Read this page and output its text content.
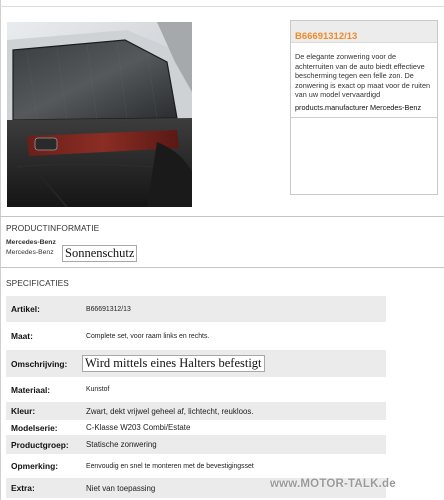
B66691312/13
De elegante zonwering voor de achterruiten van de auto biedt effectieve bescherming tegen een felle zon. De zonwering is exact op maat voor de ruiten van uw model vervaardigd
products.manufacturer Mercedes-Benz
PRODUCTINFORMATIE
Mercedes-Benz
Mercedes-Benz Sonnenschutz
SPECIFICATIES
Artikel:	B66691312/13
Maat:	Complete set, voor raam links en rechts.
Omschrijving:	Wird mittels eines Halters befestigt
Materiaal:	Kunstof
Kleur:	Zwart, dekt vrijwel geheel af, lichtecht, reukloos.
Modelserie:	C-Klasse W203 Combi/Estate
Productgroep:	Statische zonwering
Opmerking:	Eenvoudig en snel te monteren met de bevestigingsset
Extra:	Niet van toepassing	www.MOTOR-TALK.de
